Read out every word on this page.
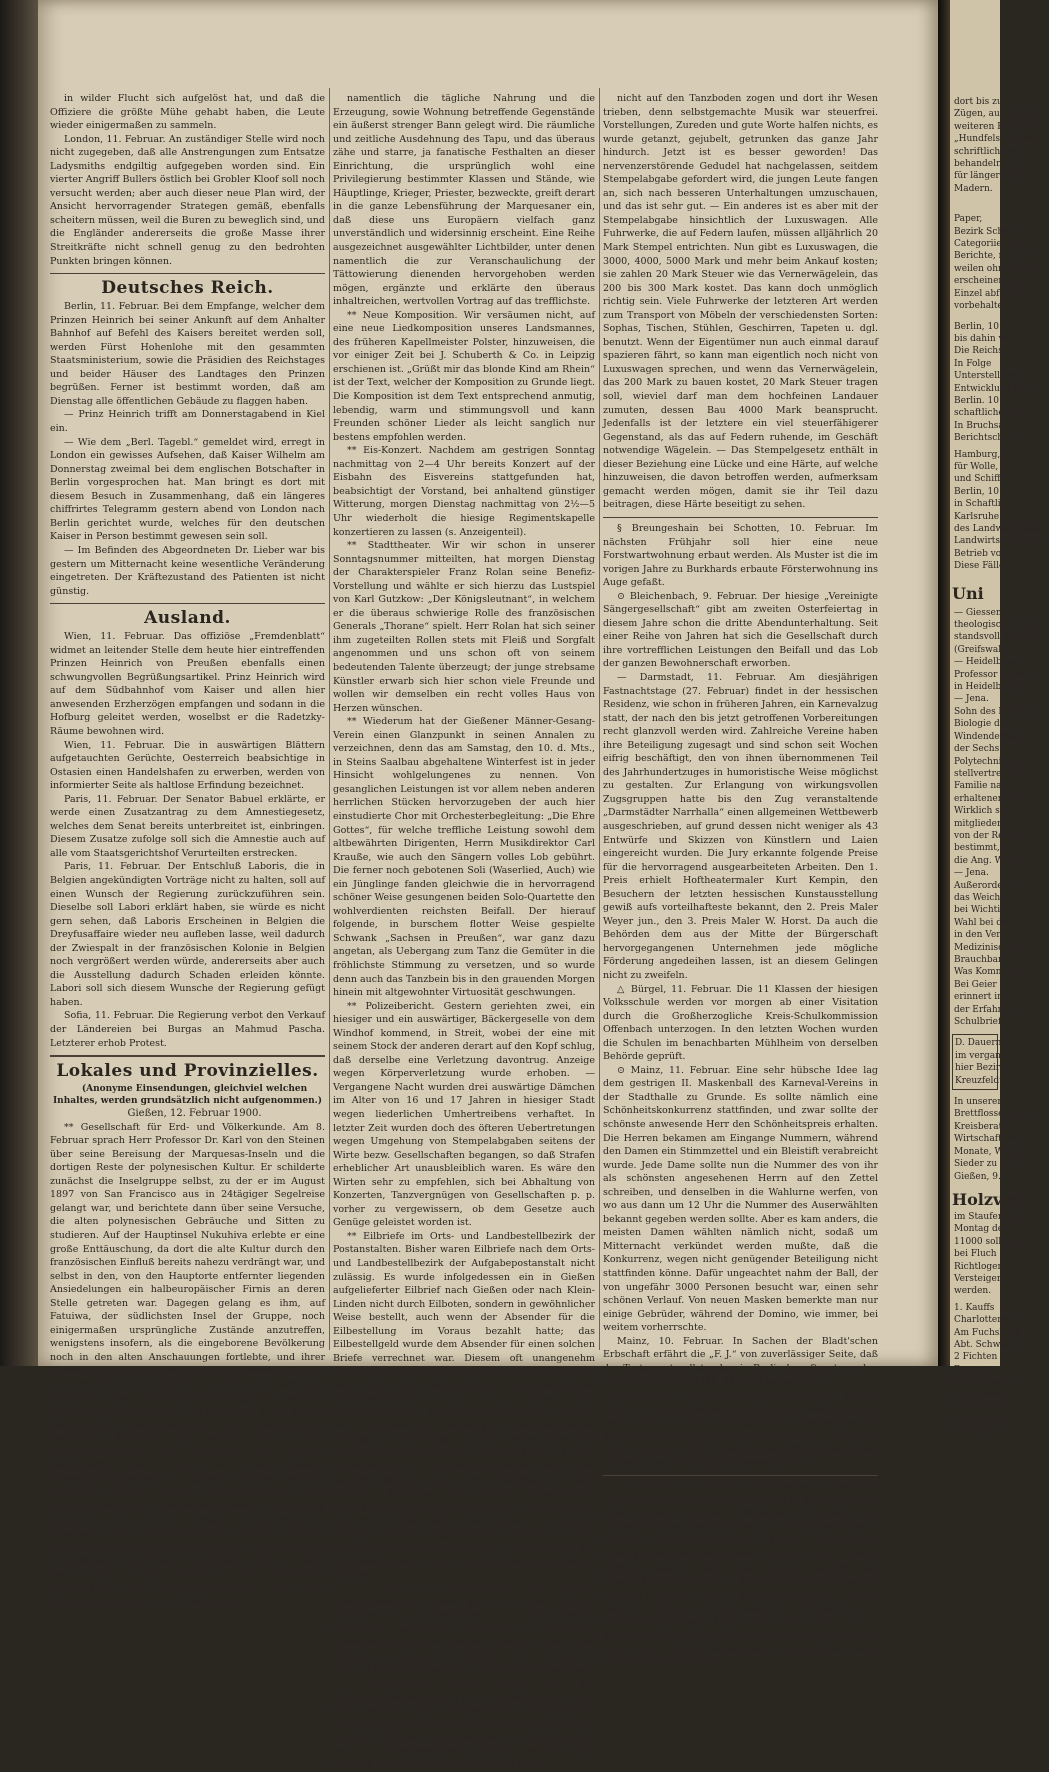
in wilder Flucht sich aufgelöst hat, und daß die Offiziere die größte Mühe gehabt haben, die Leute wieder einigermaßen zu sammeln.

London, 11. Februar. An zuständiger Stelle wird noch nicht zugegeben, daß alle Anstrengungen zum Entsatze Ladysmiths endgiltig aufgegeben worden sind. Ein vierter Angriff Bullers östlich bei Grobler Kloof soll noch versucht werden; aber auch dieser neue Plan wird, der Ansicht hervorragender Strategen gemäß, ebenfalls scheitern müssen, weil die Buren zu beweglich sind, und die Engländer andererseits die große Masse ihrer Streitkräfte nicht schnell genug zu den bedrohten Punkten bringen können.

Deutsches Reich.

Berlin, 11. Februar. Bei dem Empfange, welcher dem Prinzen Heinrich bei seiner Ankunft auf dem Anhalter Bahnhof auf Befehl des Kaisers bereitet werden soll, werden Fürst Hohenlohe mit den gesammten Staatsministerium, sowie die Präsidien des Reichstages und beider Häuser des Landtages den Prinzen begrüßen. Ferner ist bestimmt worden, daß am Dienstag alle öffentlichen Gebäude zu flaggen haben.

— Prinz Heinrich trifft am Donnerstagabend in Kiel ein.

— Wie dem „Berl. Tagebl.“ gemeldet wird, erregt in London ein gewisses Aufsehen, daß Kaiser Wilhelm am Donnerstag zweimal bei dem englischen Botschafter in Berlin vorgesprochen hat. Man bringt es dort mit diesem Besuch in Zusammenhang, daß ein längeres chiffrirtes Telegramm gestern abend von London nach Berlin gerichtet wurde, welches für den deutschen Kaiser in Person bestimmt gewesen sein soll.

— Im Befinden des Abgeordneten Dr. Lieber war bis gestern um Mitternacht keine wesentliche Veränderung eingetreten. Der Kräftezustand des Patienten ist nicht günstig.

Ausland.

Wien, 11. Februar. Das offiziöse „Fremdenblatt“ widmet an leitender Stelle dem heute hier eintreffenden Prinzen Heinrich von Preußen ebenfalls einen schwungvollen Begrüßungsartikel. Prinz Heinrich wird auf dem Südbahnhof vom Kaiser und allen hier anwesenden Erzherzögen empfangen und sodann in die Hofburg geleitet werden, woselbst er die Radetzky-Räume bewohnen wird.

Wien, 11. Februar. Die in auswärtigen Blättern aufgetauchten Gerüchte, Oesterreich beabsichtige in Ostasien einen Handelshafen zu erwerben, werden von informierter Seite als haltlose Erfindung bezeichnet.

Paris, 11. Februar. Der Senator Babuel erklärte, er werde einen Zusatzantrag zu dem Amnestiegesetz, welches dem Senat bereits unterbreitet ist, einbringen. Diesem Zusatze zufolge soll sich die Amnestie auch auf alle vom Staatsgerichtshof Verurteilten erstrecken.

Paris, 11. Februar. Der Entschluß Laboris, die in Belgien angekündigten Vorträge nicht zu halten, soll auf einen Wunsch der Regierung zurückzuführen sein. Dieselbe soll Labori erklärt haben, sie würde es nicht gern sehen, daß Laboris Erscheinen in Belgien die Dreyfusaffaire wieder neu aufleben lasse, weil dadurch der Zwiespalt in der französischen Kolonie in Belgien noch vergrößert werden würde, andererseits aber auch die Ausstellung dadurch Schaden erleiden könnte. Labori soll sich diesem Wunsche der Regierung gefügt haben.

Sofia, 11. Februar. Die Regierung verbot den Verkauf der Ländereien bei Burgas an Mahmud Pascha. Letzterer erhob Protest.

Lokales und Provinzielles.

(Anonyme Einsendungen, gleichviel welchen Inhaltes, werden grundsätzlich nicht aufgenommen.)

Gießen, 12. Februar 1900.

** Gesellschaft für Erd- und Völkerkunde. Am 8. Februar sprach Herr Professor Dr. Karl von den Steinen über seine Bereisung der Marquesas-Inseln und die dortigen Reste der polynesischen Kultur. Er schilderte zunächst die Inselgruppe selbst, zu der er im August 1897 von San Francisco aus in 24tägiger Segelreise gelangt war, und berichtete dann über seine Versuche, die alten polynesischen Gebräuche und Sitten zu studieren. Auf der Hauptinsel Nukuhiva erlebte er eine große Enttäuschung, da dort die alte Kultur durch den französischen Einfluß bereits nahezu verdrängt war, und selbst in den, von den Hauptorte entfernter liegenden Ansiedelungen ein halbeuropäischer Firnis an deren Stelle getreten war. Dagegen gelang es ihm, auf Fatuiwa, der südlichsten Insel der Gruppe, noch einigermaßen ursprüngliche Zustände anzutreffen, wenigstens insofern, als die eingeborene Bevölkerung noch in den alten Anschauungen fortlebte, und ihrer eigenartigen Vergangenheit noch viel gedachte. So war es denn hier auch möglich, zum Teil sehr wertvolle Nachrichten über die sozialen und religiösen Ansichten der alten Marquesaner zu erhalten, die u. a. auf die vor Jahrhunderten vorgenommene letzte polynesische Wanderung deutliches Licht werfen, da die alten Herzengeschlechter teils paarweise die Namen polynesischer Inseln tragen, wie Wawau, Sawaii (Hawaiki), Tongatabu, Fiti. Dadurch wird die bisherige Annahme, daß die Gebiet der Samoa-Inseln der Ausgangspunkt der Wanderung gewesen sei, kräftig gestützt. Aus dem reichen Schatze der geschilderten Gebräuche und Eigentümlichkeiten hob der Redner besonders hervor die wenigstens in ihrer extremen Ausbildung auf die Südsee beschränkte Sitte des Tabu oder Tapu, durch welches über Personen, Oertlichkeiten, wie die Marai, die alten Tempel- und Opferstätten, und auch über zahlreiche,

namentlich die tägliche Nahrung und die Erzeugung, sowie Wohnung betreffende Gegenstände ein äußerst strenger Bann gelegt wird. Die räumliche und zeitliche Ausdehnung des Tapu, und das überaus zähe und starre, ja fanatische Festhalten an dieser Einrichtung, die ursprünglich wohl eine Privilegierung bestimmter Klassen und Stände, wie Häuptlinge, Krieger, Priester, bezweckte, greift derart in die ganze Lebensführung der Marquesaner ein, daß diese uns Europäern vielfach ganz unverständlich und widersinnig erscheint. Eine Reihe ausgezeichnet ausgewählter Lichtbilder, unter denen namentlich die zur Veranschaulichung der Tättowierung dienenden hervorgehoben werden mögen, ergänzte und erklärte den überaus inhaltreichen, wertvollen Vortrag auf das trefflichste.

** Neue Komposition. Wir versäumen nicht, auf eine neue Liedkomposition unseres Landsmannes, des früheren Kapellmeister Polster, hinzuweisen, die vor einiger Zeit bei J. Schuberth & Co. in Leipzig erschienen ist. „Grüßt mir das blonde Kind am Rhein“ ist der Text, welcher der Komposition zu Grunde liegt. Die Komposition ist dem Text entsprechend anmutig, lebendig, warm und stimmungsvoll und kann Freunden schöner Lieder als leicht sanglich nur bestens empfohlen werden.

** Eis-Konzert. Nachdem am gestrigen Sonntag nachmittag von 2—4 Uhr bereits Konzert auf der Eisbahn des Eisvereins stattgefunden hat, beabsichtigt der Vorstand, bei anhaltend günstiger Witterung, morgen Dienstag nachmittag von 2½—5 Uhr wiederholt die hiesige Regimentskapelle konzertieren zu lassen (s. Anzeigenteil).

** Stadttheater. Wir wir schon in unserer Sonntagsnummer mitteilten, hat morgen Dienstag der Charakterspieler Franz Rolan seine Benefiz-Vorstellung und wählte er sich hierzu das Lustspiel von Karl Gutzkow: „Der Königsleutnant“, in welchem er die überaus schwierige Rolle des französischen Generals „Thorane“ spielt. Herr Rolan hat sich seiner ihm zugeteilten Rollen stets mit Fleiß und Sorgfalt angenommen und uns schon oft von seinem bedeutenden Talente überzeugt; der junge strebsame Künstler erwarb sich hier schon viele Freunde und wollen wir demselben ein recht volles Haus von Herzen wünschen.

** Wiederum hat der Gießener Männer-Gesang-Verein einen Glanzpunkt in seinen Annalen zu verzeichnen, denn das am Samstag, den 10. d. Mts., in Steins Saalbau abgehaltene Winterfest ist in jeder Hinsicht wohlgelungenes zu nennen. Von gesanglichen Leistungen ist vor allem neben anderen herrlichen Stücken hervorzugeben der auch hier einstudierte Chor mit Orchesterbegleitung: „Die Ehre Gottes“, für welche treffliche Leistung sowohl dem altbewährten Dirigenten, Herrn Musikdirektor Carl Krauße, wie auch den Sängern volles Lob gebührt. Die ferner noch gebotenen Soli (Waserlied, Auch) wie ein Jünglinge fanden gleichwie die in hervorragend schöner Weise gesungenen beiden Solo-Quartette den wohlverdienten reichsten Beifall. Der hierauf folgende, in burschem flotter Weise gespielte Schwank „Sachsen in Preußen“, war ganz dazu angetan, als Uebergang zum Tanz die Gemüter in die fröhlichste Stimmung zu versetzen, und so wurde denn auch das Tanzbein bis in den grauenden Morgen hinein mit altgewohnter Virtuosität geschwungen.

** Polizeibericht. Gestern geriehten zwei, ein hiesiger und ein auswärtiger, Bäckergeselle von dem Windhof kommend, in Streit, wobei der eine mit seinem Stock der anderen derart auf den Kopf schlug, daß derselbe eine Verletzung davontrug. Anzeige wegen Körperverletzung wurde erhoben. — Vergangene Nacht wurden drei auswärtige Dämchen im Alter von 16 und 17 Jahren in hiesiger Stadt wegen liederlichen Umhertreibens verhaftet. In letzter Zeit wurden doch des öfteren Uebertretungen wegen Umgehung von Stempelabgaben seitens der Wirte bezw. Gesellschaften begangen, so daß Strafen erheblicher Art unausbleiblich waren. Es wäre den Wirten sehr zu empfehlen, sich bei Abhaltung von Konzerten, Tanzvergnügen von Gesellschaften p. p. vorher zu vergewissern, ob dem Gesetze auch Genüge geleistet worden ist.

** Eilbriefe im Orts- und Landbestellbezirk der Postanstalten. Bisher waren Eilbriefe nach dem Orts- und Landbestellbezirk der Aufgabepostanstalt nicht zulässig. Es wurde infolgedessen ein in Gießen aufgelieferter Eilbrief nach Gießen oder nach Klein-Linden nicht durch Eilboten, sondern in gewöhnlicher Weise bestellt, auch wenn der Absender für die Eilbestellung im Voraus bezahlt hatte; das Eilbestellgeld wurde dem Absender für einen solchen Briefe verrechnet war. Diesem oft unangenehm empfundenen Uebelstande wird nunmehr abgeholfen. Vom 1. April d. Js. ab, sind fortan auch gewöhnliche Eilbriefsendungen nach dem Orts- und Landbestellbezirk der Aufgabepostanstalt zulässig. An Gebühren für derartige Eilbriefsendungen gelangen zur Erhebung: a) im Orte selbst neben der gewöhnlichen Gebühr für die Sendung 25 Pfg. Eilbotenlohn. b) bei Briefsendungen nach dem Landbestellbezirk: neben der tarifmäßigen Gebühr für die Sendung, die wirklich erwachsenden Botenkosten, mindestens aber 25 Pfg. Sind die entstehenden Botenkosten nicht bekannt, so hat der Absender einen angemessenen Betrag bei der Aufgabepostanstalt zu hinterlegen. Die Zahlung der Botenkosten kann auch dem Empfänger überlassen bleiben.

** Ueber die Wirkungen des neuen Stempelgesetzes haben sich in Ihrer Zeitung Stimmen aus Starkenburg und Rheinhessen vernehmen lassen. Ich gebe gern zu, daß diese Stimmen im großen Ganzen sich an dem einen wichtigen Gegenstand beteiligten. Da sei nun in erster Linie hervorgehoben, daß das Stempelgesetz in segensreicher Weise gerade auf das Ziehharmonikawesen und den Tanzunfug gewirkt hat. Schon vor zehn und mehr Jahren hat der „Gießener Anzeiger“ in seinen „Landwirtschaftlichen Beiträgen“ auf den Mißbrauch hingewiesen, der allsonntäglich mit der Ziehharmonika getrieben wurde. Kein Sonntag verging, an dem die jungen Leute

nicht auf den Tanzboden zogen und dort ihr Wesen trieben, denn selbstgemachte Musik war steuerfrei. Vorstellungen, Zureden und gute Worte halfen nichts, es wurde getanzt, gejubelt, getrunken das ganze Jahr hindurch. Jetzt ist es besser geworden! Das nervenzerstörende Gedudel hat nachgelassen, seitdem Stempelabgabe gefordert wird, die jungen Leute fangen an, sich nach besseren Unterhaltungen umzuschauen, und das ist sehr gut. — Ein anderes ist es aber mit der Stempelabgabe hinsichtlich der Luxuswagen. Alle Fuhrwerke, die auf Federn laufen, müssen alljährlich 20 Mark Stempel entrichten. Nun gibt es Luxuswagen, die 3000, 4000, 5000 Mark und mehr beim Ankauf kosten; sie zahlen 20 Mark Steuer wie das Vernerwägelein, das 200 bis 300 Mark kostet. Das kann doch unmöglich richtig sein. Viele Fuhrwerke der letzteren Art werden zum Transport von Möbeln der verschiedensten Sorten: Sophas, Tischen, Stühlen, Geschirren, Tapeten u. dgl. benutzt. Wenn der Eigentümer nun auch einmal darauf spazieren fährt, so kann man eigentlich noch nicht von Luxuswagen sprechen, und wenn das Vernerwägelein, das 200 Mark zu bauen kostet, 20 Mark Steuer tragen soll, wieviel darf man dem hochfeinen Landauer zumuten, dessen Bau 4000 Mark beansprucht. Jedenfalls ist der letztere ein viel steuerfähigerer Gegenstand, als das auf Federn ruhende, im Geschäft notwendige Wägelein. — Das Stempelgesetz enthält in dieser Beziehung eine Lücke und eine Härte, auf welche hinzuweisen, die davon betroffen werden, aufmerksam gemacht werden mögen, damit sie ihr Teil dazu beitragen, diese Härte beseitigt zu sehen.

§ Breungeshain bei Schotten, 10. Februar. Im nächsten Frühjahr soll hier eine neue Forstwartwohnung erbaut werden. Als Muster ist die im vorigen Jahre zu Burkhards erbaute Försterwohnung ins Auge gefaßt.

⊙ Bleichenbach, 9. Februar. Der hiesige „Vereinigte Sängergesellschaft“ gibt am zweiten Osterfeiertag in diesem Jahre schon die dritte Abendunterhaltung. Seit einer Reihe von Jahren hat sich die Gesellschaft durch ihre vortrefflichen Leistungen den Beifall und das Lob der ganzen Bewohnerschaft erworben.

— Darmstadt, 11. Februar. Am diesjährigen Fastnachtstage (27. Februar) findet in der hessischen Residenz, wie schon in früheren Jahren, ein Karnevalzug statt, der nach den bis jetzt getroffenen Vorbereitungen recht glanzvoll werden wird. Zahlreiche Vereine haben ihre Beteiligung zugesagt und sind schon seit Wochen eifrig beschäftigt, den von ihnen übernommenen Teil des Jahrhundertzuges in humoristische Weise möglichst zu gestalten. Zur Erlangung von wirkungsvollen Zugsgruppen hatte bis den Zug veranstaltende „Darmstädter Narrhalla“ einen allgemeinen Wettbewerb ausgeschrieben, auf grund dessen nicht weniger als 43 Entwürfe und Skizzen von Künstlern und Laien eingereicht wurden. Die Jury erkannte folgende Preise für die hervorragend ausgearbeiteten Arbeiten. Den 1. Preis erhielt Hoftheatermaler Kurt Kempin, den Besuchern der letzten hessischen Kunstausstellung gewiß aufs vorteilhafteste bekannt, den 2. Preis Maler Weyer jun., den 3. Preis Maler W. Horst. Da auch die Behörden dem aus der Mitte der Bürgerschaft hervorgegangenen Unternehmen jede mögliche Förderung angedeihen lassen, ist an diesem Gelingen nicht zu zweifeln.

△ Bürgel, 11. Februar. Die 11 Klassen der hiesigen Volksschule werden vor morgen ab einer Visitation durch die Großherzogliche Kreis-Schulkommission Offenbach unterzogen. In den letzten Wochen wurden die Schulen im benachbarten Mühlheim von derselben Behörde geprüft.

⊙ Mainz, 11. Februar. Eine sehr hübsche Idee lag dem gestrigen II. Maskenball des Karneval-Vereins in der Stadthalle zu Grunde. Es sollte nämlich eine Schönheitskonkurrenz stattfinden, und zwar sollte der schönste anwesende Herr den Schönheitspreis erhalten. Die Herren bekamen am Eingange Nummern, während den Damen ein Stimmzettel und ein Bleistift verabreicht wurde. Jede Dame sollte nun die Nummer des von ihr als schönsten angesehenen Herrn auf den Zettel schreiben, und denselben in die Wahlurne werfen, von wo aus dann um 12 Uhr die Nummer des Auserwählten bekannt gegeben werden sollte. Aber es kam anders, die meisten Damen wählten nämlich nicht, sodaß um Mitternacht verkündet werden mußte, daß die Konkurrenz, wegen nicht genügender Beteiligung nicht stattfinden könne. Dafür ungeachtet nahm der Ball, der von ungefähr 3000 Personen besucht war, einen sehr schönen Verlauf. Von neuen Masken bemerkte man nur einige Gebrüder, während der Domino, wie immer, bei weitem vorherrschte.

Mainz, 10. Februar. In Sachen der Bladt'schen Erbschaft erfährt die „F. J.“ von zuverlässiger Seite, daß der Testamentsvollstrecker in Berlin beauftragt worden ist, der Stadt Mainz Mk. 275 000 auszuzahlen.

Bingen, 10. Februar. Der Absatz des neuen 1899er Weines ist zurzeit in hiesiger Gegend in vollem Gange. Nach den bis jetzt stattgehabten Ergebnissen ist derselbe im allgemeinen ein sehr rassiger, reintöniger Wein, der an den 1897er weit heranreicht und wird etwa beinahe dem 1895er gleichkommen dürfte.

m. Fritzlar, 11. Februar. Wildschweine treiben seit längerer Zeit wieder arges Unwesen in den um unsere Stadt herum gelegenen Waldungen. Nachdem vor einigen Wochen etwa 10 Stück in den Engliser Wäldern von den Herren Oberförster Krause, Buchenzholt, Ludwig und anderen Herren von hier zur Strecke gebracht worden, hatten sich gestern wieder eine Anzahl hiesiger Herren in den Fritzlarer Wald auf die Saujagd begeben. Herr Kataster-Kontrolleur Sewig hatte das Glück, im Hinterwald am Mittelberg einen 130-Pfund schweren Keiler zu erlegen. Auch in den gräflichen Jagdgebiet um Bergheim herum, machten sich ganze Rudel Wildschweine bemerkbar. Herr Amtmann Humburg von

dort bis zu
Zügen, ausgestellt
weiteren Bearbeit
„Hundfelsen, vor
schriftlich vorzu
behandeln in
für längere Zeit
Madern.
Paper,
Bezirk Schwer
Categoriieren
Berichte, mit die
weilen ohne Grenz
erscheinen, ab
Einzel abführen
vorbehalten.
Berlin, 10
bis dahin ver
Die Reichs
In Folge
Unterstellung
Entwicklung bei
Berlin. 10
schaftlichen Ge
In Bruchsal,
Berichtschaft
Hamburg, 1
für Wolle, Ab
und Schiffe
Berlin, 10
in Schaftlich
Karlsruhe
des Landwirtschaft
Landwirtschaftlicher
Betrieb vom
Diese Fälle
Uni
— Giessen
theologischen Fak
standsvoll den Sch
(Greifswald)
— Heidelberg
Professor an der
in Heidelberg ge
— Jena.
Sohn des bekannt
Biologie der
Windendenberg
der Sechs
Polytechnischen
stellvertretende
Familie nach
erhaltenen Prof
Wirklich sein
mitglieder
von der Reichs
bestimmt, ob
die Ang. Wust
— Jena.
Außerordentl
das Weich.
bei Wichtig
Wahl bei der
in den Verlag
Medizinischen
Brauchbar
Was Kommunis
Bei Geier
erinnert in
der Erfahrung
Schulbrief
D. Dauern
im vergangenen
hier Bezirk
Kreuzfeldt
In unseren
Brettflossentrade
Kreisberater
Wirtschaftlich
Monate, Wiede
Sieder zu Wi
Gießen, 9.
Holzver
im Staufenberg
Montag de
11000 sollen in
bei Fluch
Richtloger
Versteigert
werden.
1. Kauffs
Charlottenbur
Am Fuchsbrub
Abt. Schwafbo
2 Fichten
Romane.
Abt. Fürstlich
2 Eichenst
1 Fichtens
96 Buchen-
90 Buchen
